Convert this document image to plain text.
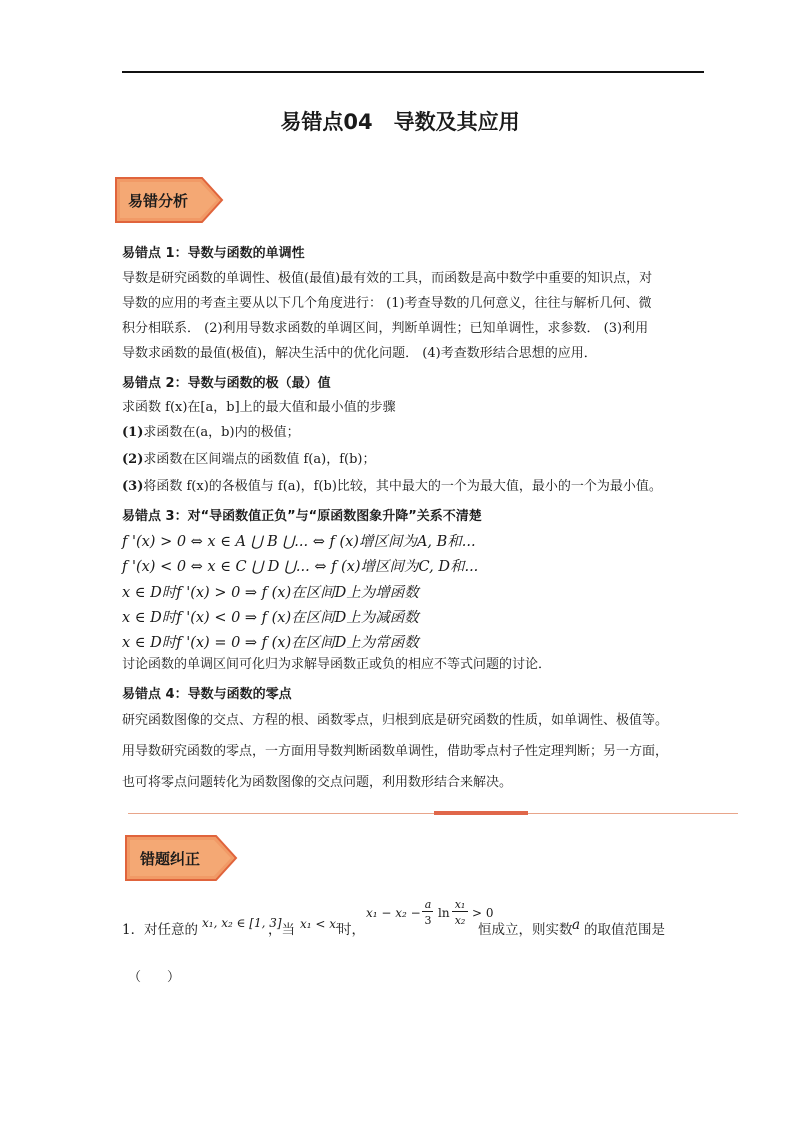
易错点04　导数及其应用
易错分析
易错点 1：导数与函数的单调性
导数是研究函数的单调性、极值(最值)最有效的工具，而函数是高中数学中重要的知识点，对
导数的应用的考查主要从以下几个角度进行： (1)考查导数的几何意义，往往与解析几何、微
积分相联系． (2)利用导数求函数的单调区间，判断单调性；已知单调性，求参数． (3)利用
导数求函数的最值(极值)，解决生活中的优化问题． (4)考查数形结合思想的应用．
易错点 2：导数与函数的极（最）值
求函数 f(x)在[a，b]上的最大值和最小值的步骤
(1)求函数在(a，b)内的极值；
(2)求函数在区间端点的函数值 f(a)，f(b)；
(3)将函数 f(x)的各极值与 f(a)，f(b)比较，其中最大的一个为最大值，最小的一个为最小值。
易错点 3：对“导函数值正负”与“原函数图象升降”关系不清楚
f '(x) > 0 ⇔ x ∈ A ⋃ B ⋃... ⇔ f (x)增区间为A, B和...
f '(x) < 0 ⇔ x ∈ C ⋃ D ⋃... ⇔ f (x)增区间为C, D和...
x ∈ D时f '(x) > 0 ⇒ f (x)在区间D上为增函数
x ∈ D时f '(x) < 0 ⇒ f (x)在区间D上为减函数
x ∈ D时f '(x) = 0 ⇒ f (x)在区间D上为常函数
讨论函数的单调区间可化归为求解导函数正或负的相应不等式问题的讨论．
易错点 4：导数与函数的零点
研究函数图像的交点、方程的根、函数零点，归根到底是研究函数的性质，如单调性、极值等。
用导数研究函数的零点，一方面用导数判断函数单调性，借助零点村子性定理判断；另一方面，
也可将零点问题转化为函数图像的交点问题，利用数形结合来解决。
错题纠正
1． 对任意的 x₁, x₂ ∈ [1, 3]
，当 x₁ < x₂
时，
x₁ − x₂ −
a
3
ln
x₁
x₂
> 0
恒成立，则实数 a 的取值范围是
（　　）
